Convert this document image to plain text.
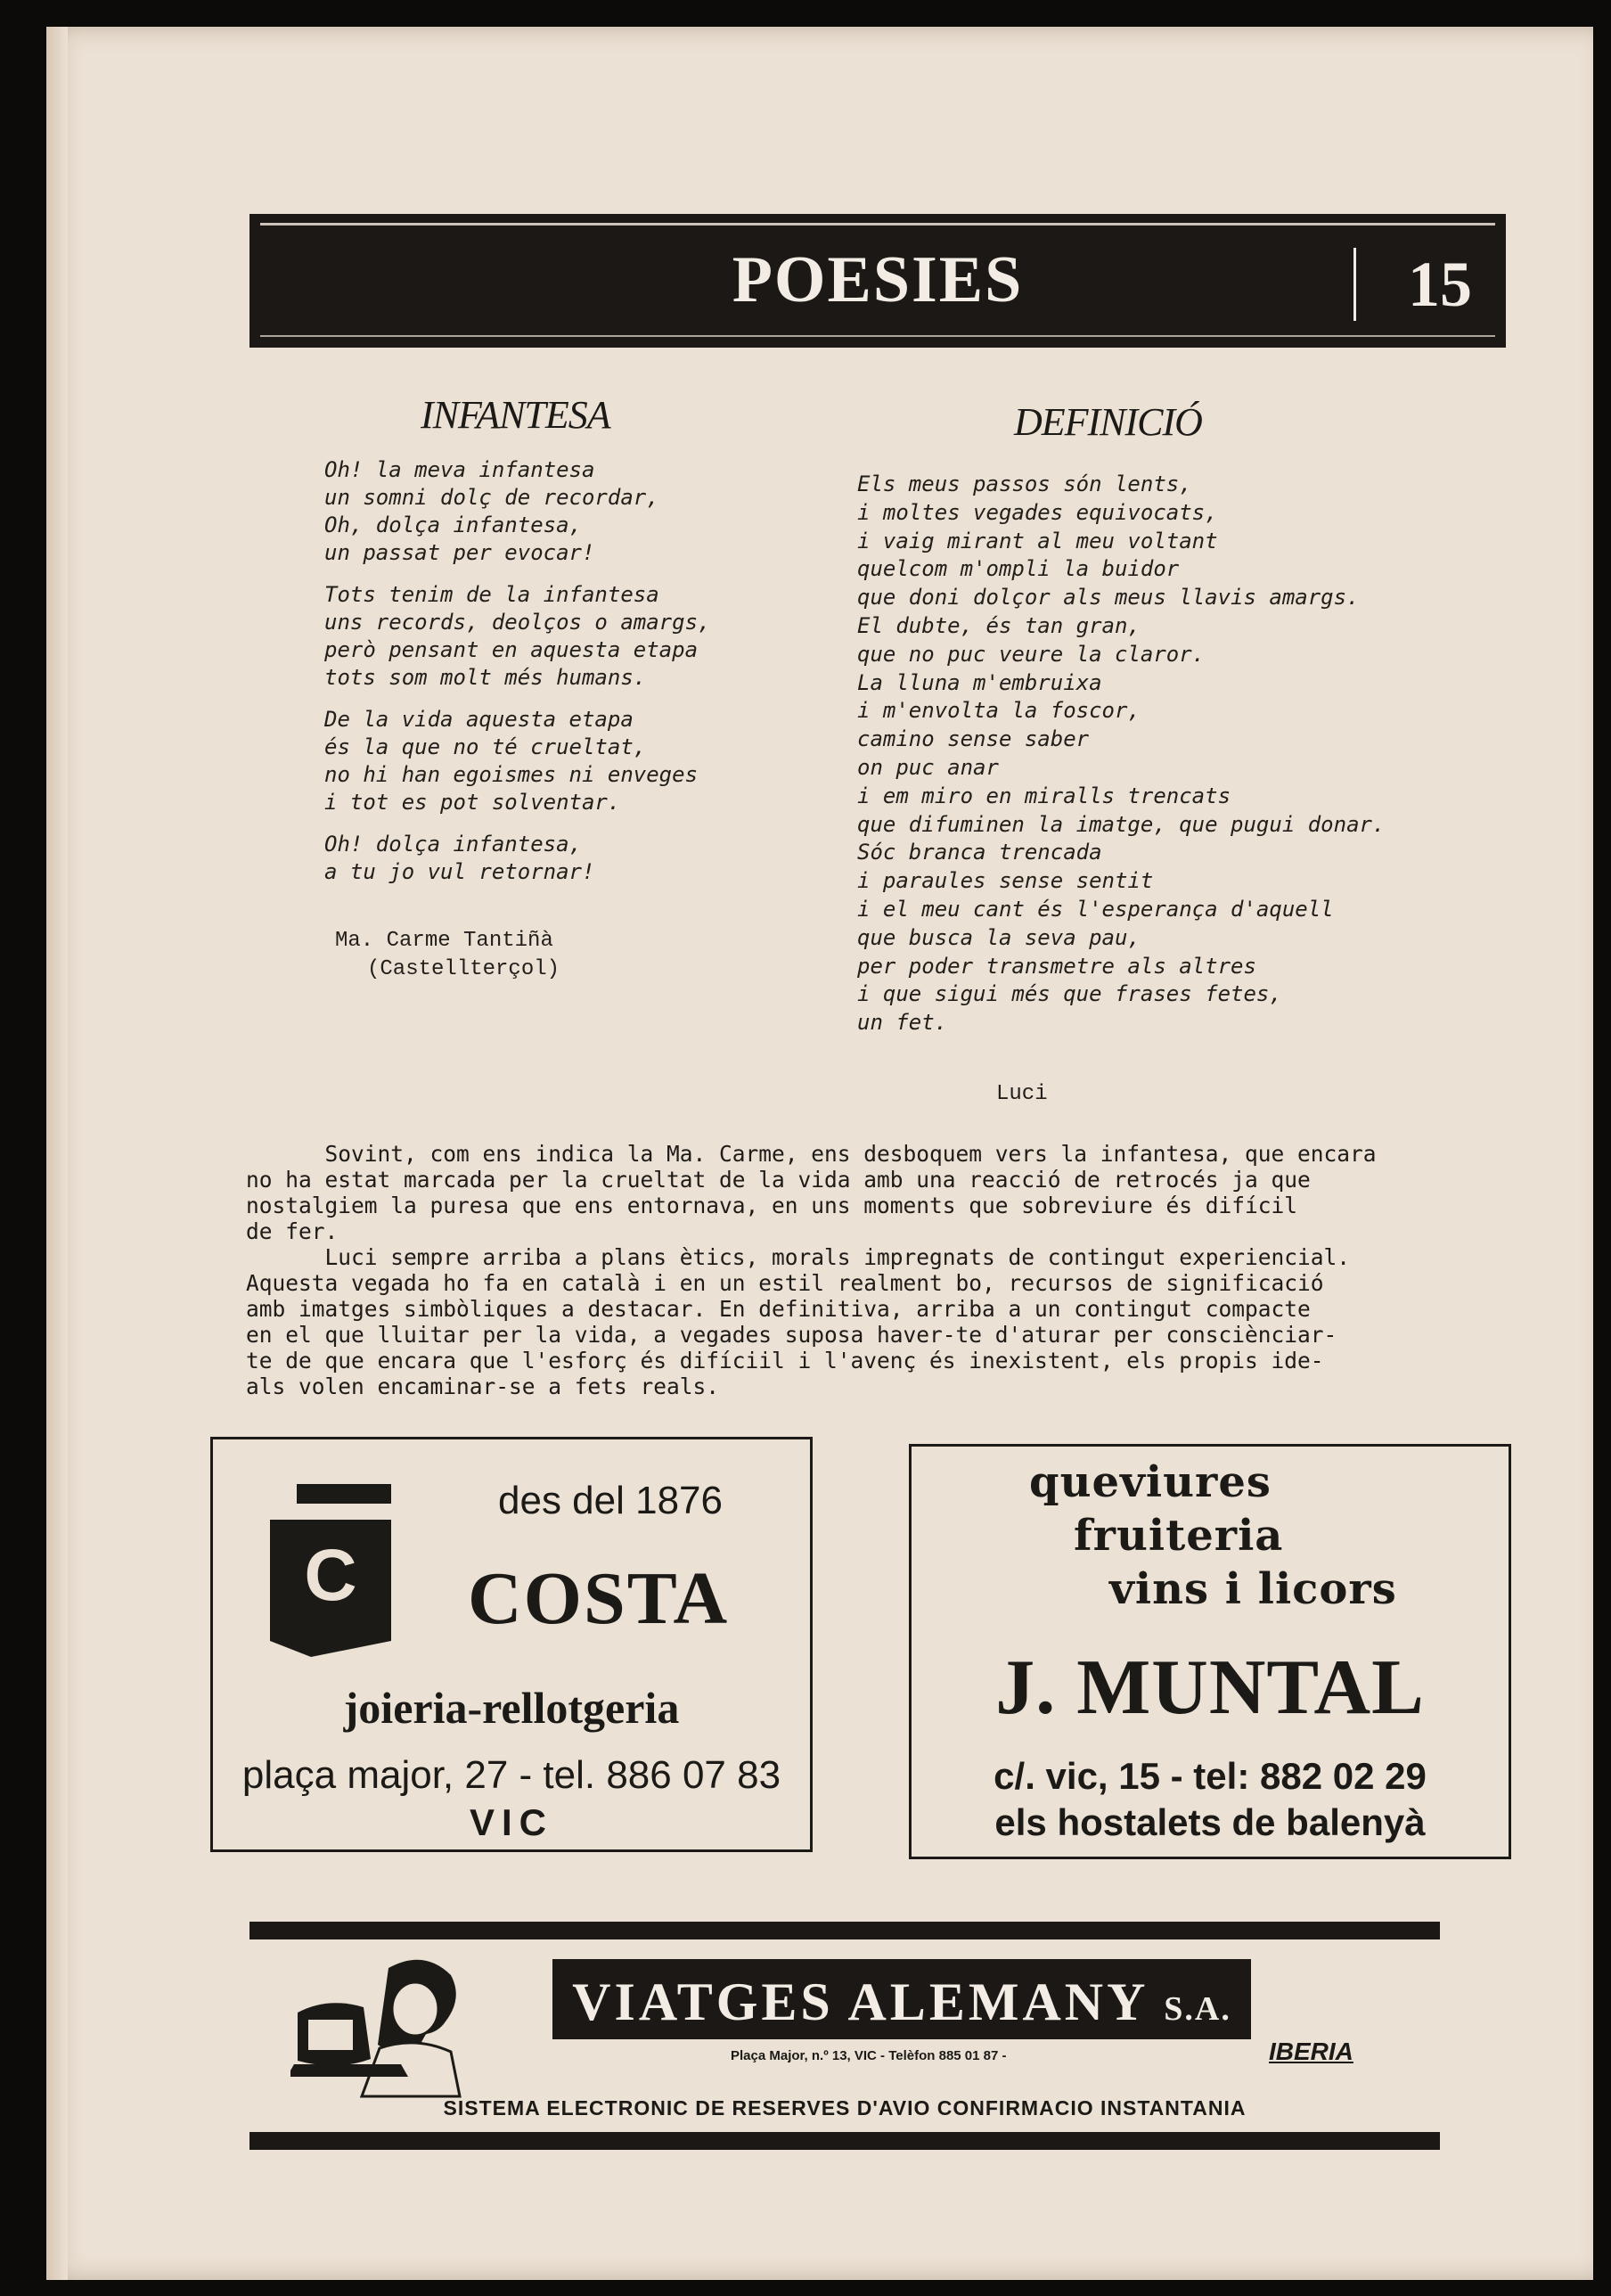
POESIES	15
INFANTESA
Oh! la meva infantesa
un somni dolç de recordar,
Oh, dolça infantesa,
un passat per evocar!
Tots tenim de la infantesa
uns records, deolços o amargs,
però pensant en aquesta etapa
tots som molt més humans.
De la vida aquesta etapa
és la que no té crueltat,
no hi han egoismes ni enveges
i tot es pot solventar.
Oh! dolça infantesa,
a tu jo vul retornar!
Ma. Carme Tantiñà
(Castellterçol)
DEFINICIÓ
Els meus passos són lents,
i moltes vegades equivocats,
i vaig mirant al meu voltant
quelcom m'ompli la buidor
que doni dolçor als meus llavis amargs.
El dubte, és tan gran,
que no puc veure la claror.
La lluna m'embruixa
i m'envolta la foscor,
camino sense saber
on puc anar
i em miro en miralls trencats
que difuminen la imatge, que pugui donar.
Sóc branca trencada
i paraules sense sentit
i el meu cant és l'esperança d'aquell
que busca la seva pau,
per poder transmetre als altres
i que sigui més que frases fetes,
un fet.
Luci
Sovint, com ens indica la Ma. Carme, ens desboquem vers la infantesa, que encara
no ha estat marcada per la crueltat de la vida amb una reacció de retrocés ja que
nostalgiem la puresa que ens entornava, en uns moments que sobreviure és difícil
de fer.
Luci sempre arriba a plans ètics, morals impregnats de contingut experiencial.
Aquesta vegada ho fa en català i en un estil realment bo, recursos de significació
amb imatges simbòliques a destacar. En definitiva, arriba a un contingut compacte
en el que lluitar per la vida, a vegades suposa haver-te d'aturar per consciènciar-
te de que encara que l'esforç és difíciil i l'avenç és inexistent, els propis ide-
als volen encaminar-se a fets reals.
C
des del 1876
COSTA
joieria-rellotgeria
plaça major, 27 - tel. 886 07 83
VIC
queviures
fruiteria
vins i licors
J. MUNTAL
c/. vic, 15 - tel: 882 02 29
els hostalets de balenyà
VIATGES ALEMANY S.A.
Plaça Major, n.º 13, VIC - Telèfon 885 01 87 -	IBERIA
SISTEMA ELECTRONIC DE RESERVES D'AVIO CONFIRMACIO INSTANTANIA
